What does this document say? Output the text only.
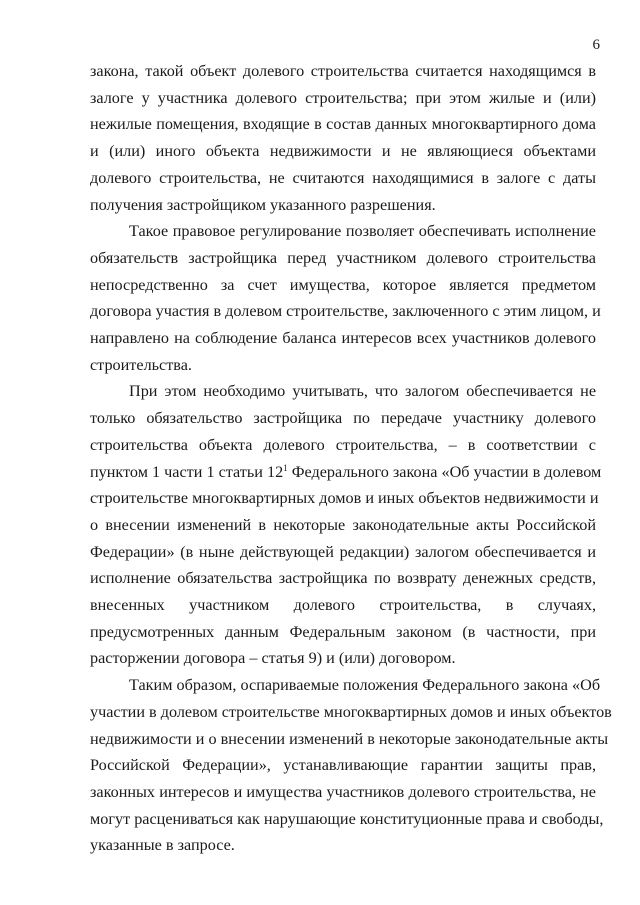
6
закона, такой объект долевого строительства считается находящимся в
залоге у участника долевого строительства; при этом жилые и (или)
нежилые помещения, входящие в состав данных многоквартирного дома
и (или) иного объекта недвижимости и не являющиеся объектами
долевого строительства, не считаются находящимися в залоге с даты
получения застройщиком указанного разрешения.
Такое правовое регулирование позволяет обеспечивать исполнение
обязательств застройщика перед участником долевого строительства
непосредственно за счет имущества, которое является предметом
договора участия в долевом строительстве, заключенного с этим лицом, и
направлено на соблюдение баланса интересов всех участников долевого
строительства.
При этом необходимо учитывать, что залогом обеспечивается не
только обязательство застройщика по передаче участнику долевого
строительства объекта долевого строительства, – в соответствии с
пунктом 1 части 1 статьи $12^1$ Федерального закона «Об участии в долевом
строительстве многоквартирных домов и иных объектов недвижимости и
о внесении изменений в некоторые законодательные акты Российской
Федерации» (в ныне действующей редакции) залогом обеспечивается и
исполнение обязательства застройщика по возврату денежных средств,
внесенных участником долевого строительства, в случаях,
предусмотренных данным Федеральным законом (в частности, при
расторжении договора – статья 9) и (или) договором.
Таким образом, оспариваемые положения Федерального закона «Об
участии в долевом строительстве многоквартирных домов и иных объектов
недвижимости и о внесении изменений в некоторые законодательные акты
Российской Федерации», устанавливающие гарантии защиты прав,
законных интересов и имущества участников долевого строительства, не
могут расцениваться как нарушающие конституционные права и свободы,
указанные в запросе.
